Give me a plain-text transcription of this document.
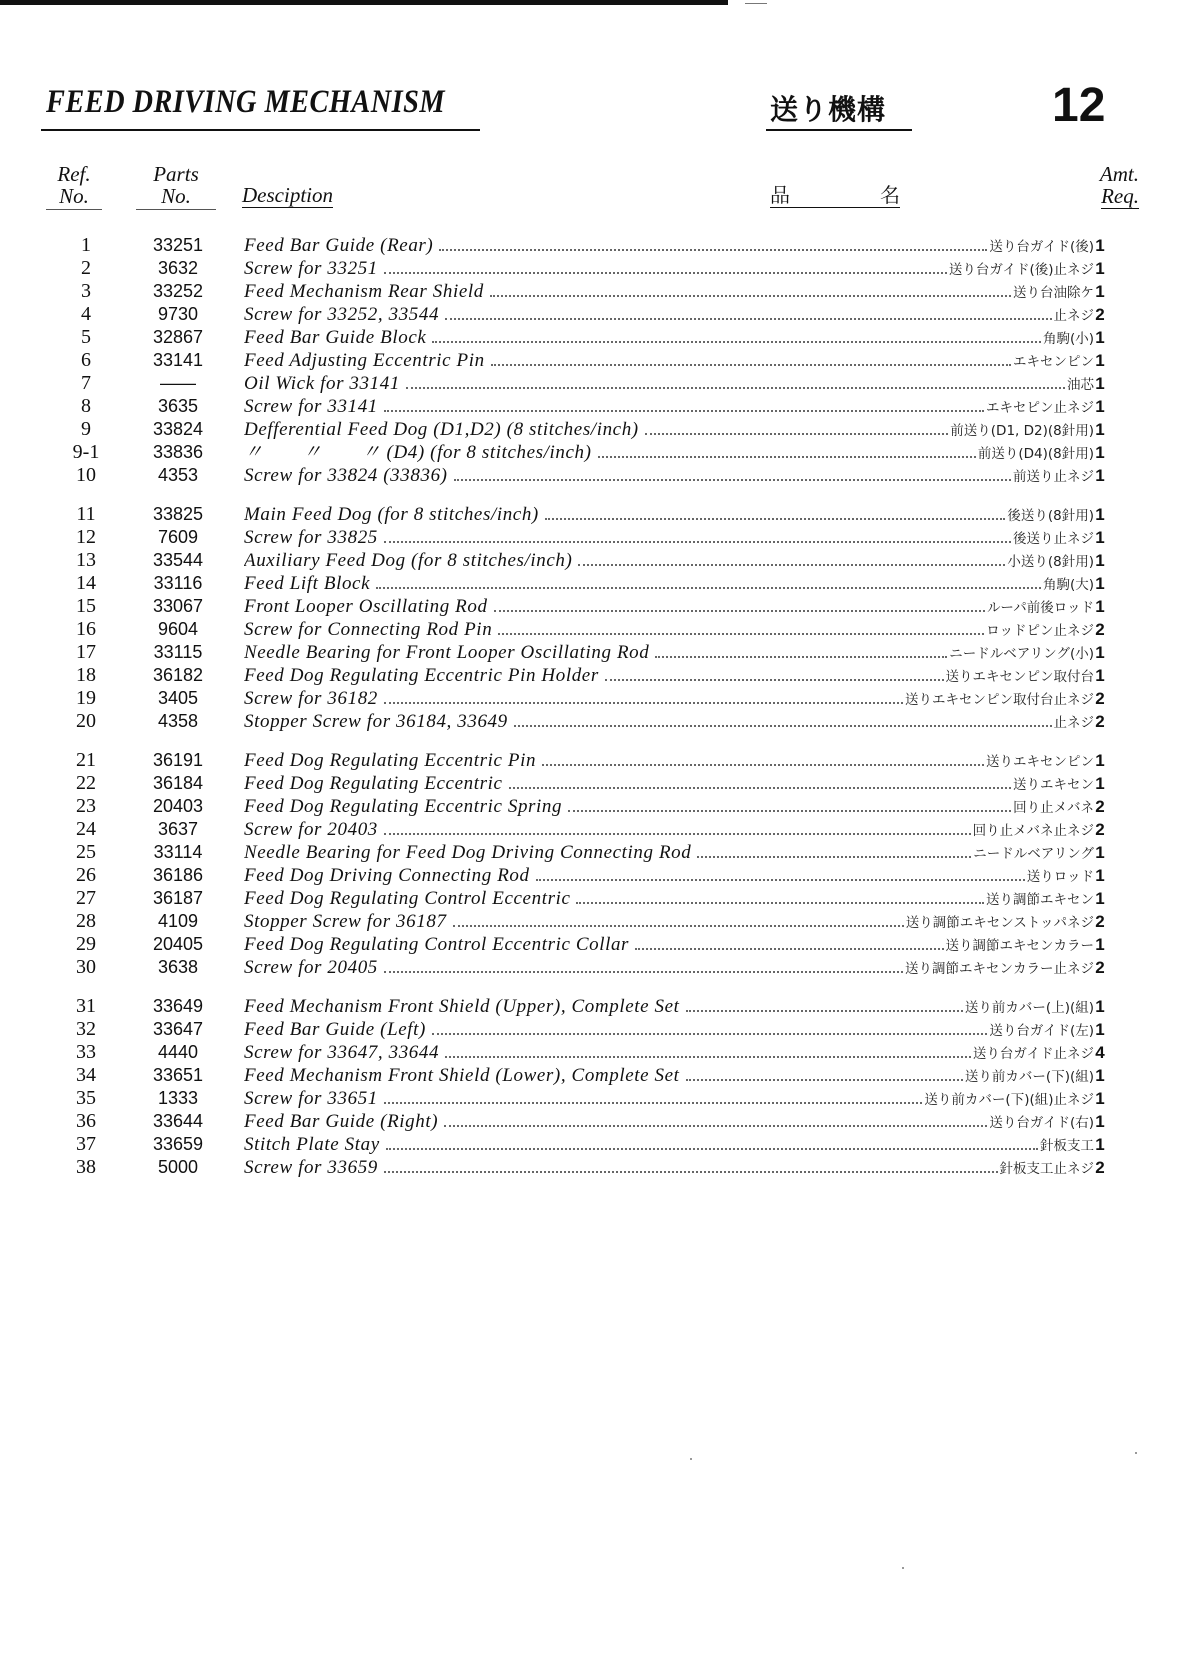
FEED DRIVING MECHANISM	送り機構	12
Ref.
No.
Parts
No.	Desciption	品	名
Amt.
Req.
1	33251	Feed Bar Guide (Rear)	送り台ガイド(後) 1
2	3632	Screw for 33251	送り台ガイド(後)止ネジ 1
3	33252	Feed Mechanism Rear Shield	送り台油除ケ 1
4	9730	Screw for 33252, 33544	止ネジ 2
5	32867	Feed Bar Guide Block	角駒(小) 1
6	33141	Feed Adjusting Eccentric Pin	エキセンピン 1
7	——	Oil Wick for 33141	油芯 1
8	3635	Screw for 33141	エキセピン止ネジ 1
9	33824	Defferential Feed Dog (D1,D2) (8 stitches/inch)	前送り(D1, D2)(8針用) 1
9-1	33836	〃　　〃　　〃 (D4) (for 8 stitches/inch)	前送り(D4)(8針用) 1
10	4353	Screw for 33824 (33836)	前送り止ネジ 1
11	33825	Main Feed Dog (for 8 stitches/inch)	後送り(8針用) 1
12	7609	Screw for 33825	後送り止ネジ 1
13	33544	Auxiliary Feed Dog (for 8 stitches/inch)	小送り(8針用) 1
14	33116	Feed Lift Block	角駒(大) 1
15	33067	Front Looper Oscillating Rod	ルーパ前後ロッド 1
16	9604	Screw for Connecting Rod Pin	ロッドピン止ネジ 2
17	33115	Needle Bearing for Front Looper Oscillating Rod	ニードルベアリング(小) 1
18	36182	Feed Dog Regulating Eccentric Pin Holder	送りエキセンピン取付台 1
19	3405	Screw for 36182	送りエキセンピン取付台止ネジ 2
20	4358	Stopper Screw for 36184, 33649	止ネジ 2
21	36191	Feed Dog Regulating Eccentric Pin	送りエキセンピン 1
22	36184	Feed Dog Regulating Eccentric	送りエキセン 1
23	20403	Feed Dog Regulating Eccentric Spring	回り止メバネ 2
24	3637	Screw for 20403	回り止メバネ止ネジ 2
25	33114	Needle Bearing for Feed Dog Driving Connecting Rod	ニードルベアリング 1
26	36186	Feed Dog Driving Connecting Rod	送りロッド 1
27	36187	Feed Dog Regulating Control Eccentric	送り調節エキセン 1
28	4109	Stopper Screw for 36187	送り調節エキセンストッパネジ 2
29	20405	Feed Dog Regulating Control Eccentric Collar	送り調節エキセンカラー 1
30	3638	Screw for 20405	送り調節エキセンカラー止ネジ 2
31	33649	Feed Mechanism Front Shield (Upper), Complete Set	送り前カバー(上)(組) 1
32	33647	Feed Bar Guide (Left)	送り台ガイド(左) 1
33	4440	Screw for 33647, 33644	送り台ガイド止ネジ 4
34	33651	Feed Mechanism Front Shield (Lower), Complete Set	送り前カバー(下)(組) 1
35	1333	Screw for 33651	送り前カバー(下)(組)止ネジ 1
36	33644	Feed Bar Guide (Right)	送り台ガイド(右) 1
37	33659	Stitch Plate Stay	針板支工 1
38	5000	Screw for 33659	針板支工止ネジ 2
